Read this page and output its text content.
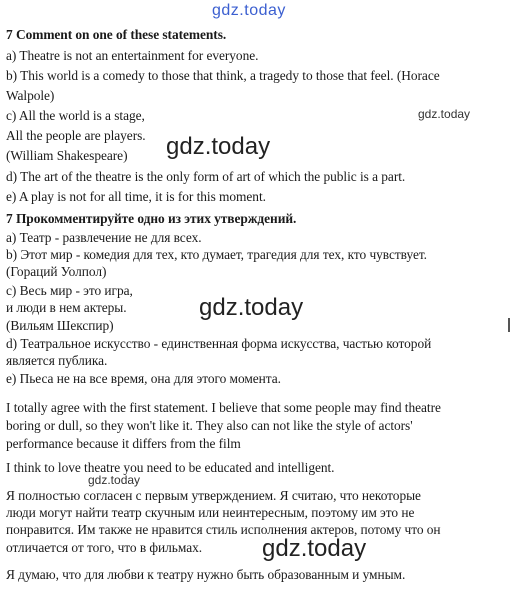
gdz.today
gdz.today
gdz.today
gdz.today
gdz.today
gdz.today
7 Comment on one of these statements.
a) Theatre is not an entertainment for everyone.
b) This world is a comedy to those that think, a tragedy to those that feel. (Horace
Walpole)
c) All the world is a stage,
All the people are players.
(William Shakespeare)
d) The art of the theatre is the only form of art of which the public is a part.
e) A play is not for all time, it is for this moment.
7 Прокомментируйте одно из этих утверждений.
а) Театр - развлечение не для всех.
b) Этот мир - комедия для тех, кто думает, трагедия для тех, кто чувствует.
(Гораций Уолпол)
с) Весь мир - это игра,
и люди в нем актеры.
(Вильям Шекспир)
d) Театральное искусство - единственная форма искусства, частью которой
является публика.
е) Пьеса не на все время, она для этого момента.
I totally agree with the first statement. I believe that some people may find theatre
boring or dull, so they won't like it. They also can not like the style of actors'
performance because it differs from the film
I think to love theatre you need to be educated and intelligent.
Я полностью согласен с первым утверждением. Я считаю, что некоторые
люди могут найти театр скучным или неинтересным, поэтому им это не
понравится. Им также не нравится стиль исполнения актеров, потому что он
отличается от того, что в фильмах.
Я думаю, что для любви к театру нужно быть образованным и умным.
